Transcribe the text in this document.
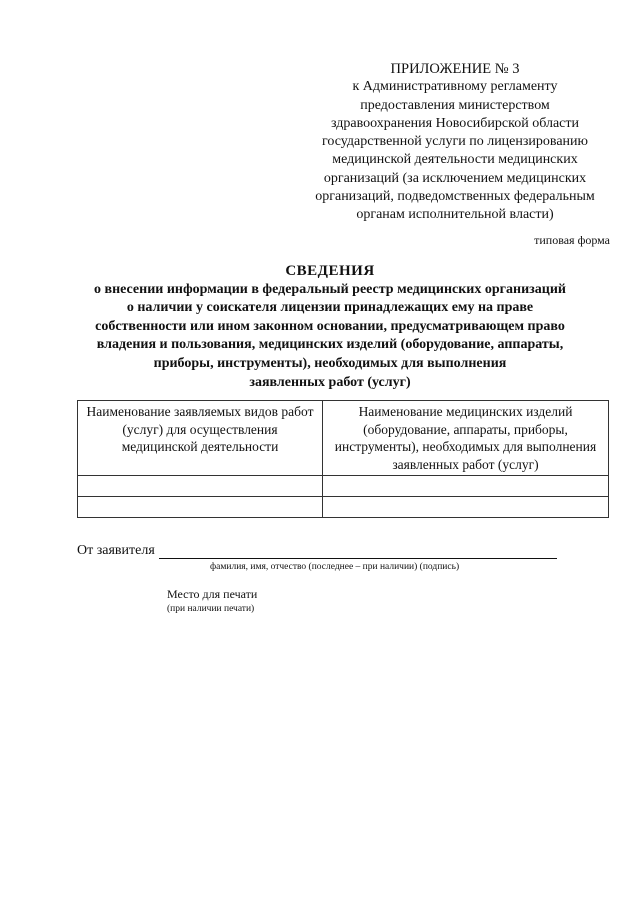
ПРИЛОЖЕНИЕ № 3
к Административному регламенту
предоставления министерством
здравоохранения Новосибирской области
государственной услуги по лицензированию
медицинской деятельности медицинских
организаций (за исключением медицинских
организаций, подведомственных федеральным
органам исполнительной власти)
типовая форма
СВЕДЕНИЯ
о внесении информации в федеральный реестр медицинских организаций
о наличии у соискателя лицензии принадлежащих ему на праве
собственности или ином законном основании, предусматривающем право
владения и пользования, медицинских изделий (оборудование, аппараты,
приборы, инструменты), необходимых для выполнения
заявленных работ (услуг)
Наименование заявляемых видов работ (услуг) для осуществления медицинской деятельности	Наименование медицинских изделий (оборудование, аппараты, приборы, инструменты), необходимых для выполнения заявленных работ (услуг)

От заявителя
фамилия, имя, отчество (последнее – при наличии) (подпись)
Место для печати
(при наличии печати)
